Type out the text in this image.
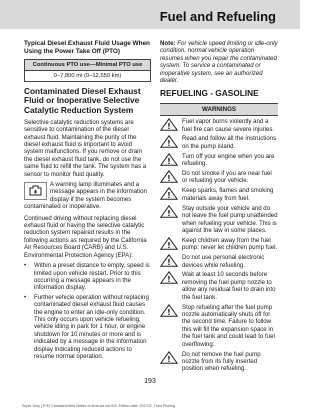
Fuel and Refueling

Typical Diesel Exhaust Fluid Usage When Using the Power Take Off (PTO)

Continuous PTO use—Minimal PTO use
0–7,800 mi (0–12,550 km)

Contaminated Diesel Exhaust Fluid or Inoperative Selective Catalytic Reduction System

Selective catalytic reduction systems are sensitive to contamination of the diesel exhaust fluid. Maintaining the purity of the diesel exhaust fluid is important to avoid system malfunctions. If you remove or drain the diesel exhaust fluid tank, do not use the same fluid to refill the tank. The system has a sensor to monitor fluid quality.

A warning lamp illuminates and a message appears in the information display if the system becomes contaminated or inoperative.

Continued driving without replacing diesel exhaust fluid or having the selective catalytic reduction system repaired results in the following actions as required by the California Air Resources Board (CARB) and U.S. Environmental Protection Agency (EPA):

• Within a preset distance to empty, speed is limited upon vehicle restart. Prior to this occurring a message appears in the information display.
• Further vehicle operation without replacing contaminated diesel exhaust fluid causes the engine to enter an idle-only condition. This only occurs upon vehicle refueling, vehicle idling in park for 1 hour, or engine shutdown for 10 minutes or more and is indicated by a message in the information display indicating reduced actions to resume normal operation.

Note: For vehicle speed limiting or idle-only condition, normal vehicle operation resumes when you repair the contaminated system. To service a contaminated or inoperative system, see an authorized dealer.

REFUELING - GASOLINE

WARNINGS
!
Fuel vapor burns violently and a fuel fire can cause severe injuries.
!
Read and follow all the instructions on the pump island.
!
Turn off your engine when you are refueling.
!
Do not smoke if you are near fuel or refueling your vehicle.
!
Keep sparks, flames and smoking materials away from fuel.
!
Stay outside your vehicle and do not leave the fuel pump unattended when refueling your vehicle. This is against the law in some places.
!
Keep children away from the fuel pump; never let children pump fuel.
!
Do not use personal electronic devices while refueling.
!
Wait at least 10 seconds before removing the fuel pump nozzle to allow any residual fuel to drain into the fuel tank.
!
Stop refueling after the fuel pump nozzle automatically shuts off for the second time. Failure to follow this will fill the expansion space in the fuel tank and could lead to fuel overflowing.
!
Do not remove the fuel pump nozzle from its fully inserted position when refueling.
193
Super Duty (TFE) Canada/United States of America enUSA, Edition date: 201702, Third Printing
